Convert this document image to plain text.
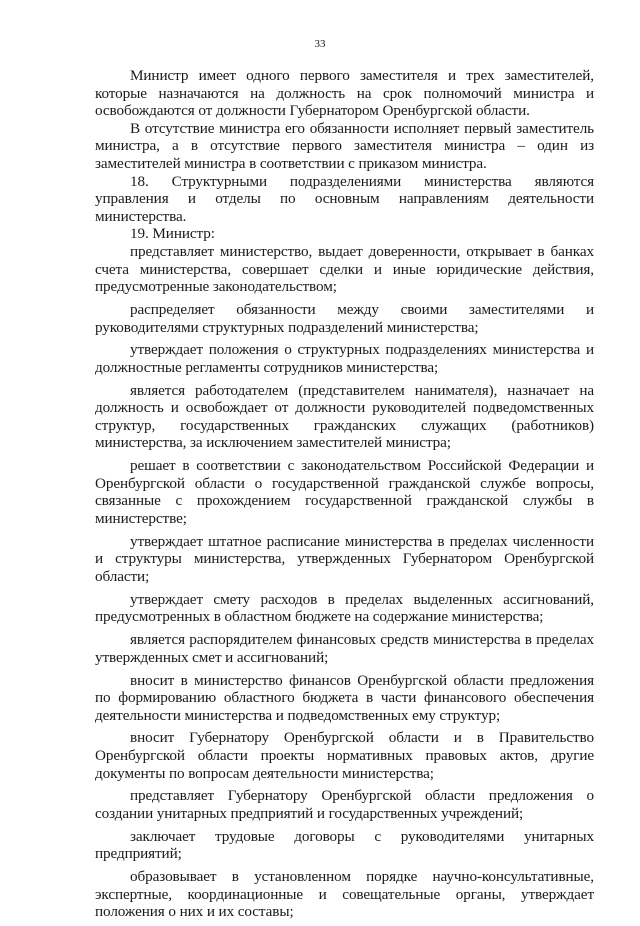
33

Министр имеет одного первого заместителя и трех заместителей, которые назначаются на должность на срок полномочий министра и освобождаются от должности Губернатором Оренбургской области.

В отсутствие министра его обязанности исполняет первый заместитель министра, а в отсутствие первого заместителя министра – один из заместителей министра в соответствии с приказом министра.

18. Структурными подразделениями министерства являются управления и отделы по основным направлениям деятельности министерства.

19. Министр:

представляет министерство, выдает доверенности, открывает в банках счета министерства, совершает сделки и иные юридические действия, предусмотренные законодательством;

распределяет обязанности между своими заместителями и руководителями структурных подразделений министерства;

утверждает положения о структурных подразделениях министерства и должностные регламенты сотрудников министерства;

является работодателем (представителем нанимателя), назначает на должность и освобождает от должности руководителей подведомственных структур, государственных гражданских служащих (работников) министерства, за исключением заместителей министра;

решает в соответствии с законодательством Российской Федерации и Оренбургской области о государственной гражданской службе вопросы, связанные с прохождением государственной гражданской службы в министерстве;

утверждает штатное расписание министерства в пределах численности и структуры министерства, утвержденных Губернатором Оренбургской области;

утверждает смету расходов в пределах выделенных ассигнований, предусмотренных в областном бюджете на содержание министерства;

является распорядителем финансовых средств министерства в пределах утвержденных смет и ассигнований;

вносит в министерство финансов Оренбургской области предложения по формированию областного бюджета в части финансового обеспечения деятельности министерства и подведомственных ему структур;

вносит Губернатору Оренбургской области и в Правительство Оренбургской области проекты нормативных правовых актов, другие документы по вопросам деятельности министерства;

представляет Губернатору Оренбургской области предложения о создании унитарных предприятий и государственных учреждений;

заключает трудовые договоры с руководителями унитарных предприятий;

образовывает в установленном порядке научно-консультативные, экспертные, координационные и совещательные органы, утверждает положения о них и их составы;
